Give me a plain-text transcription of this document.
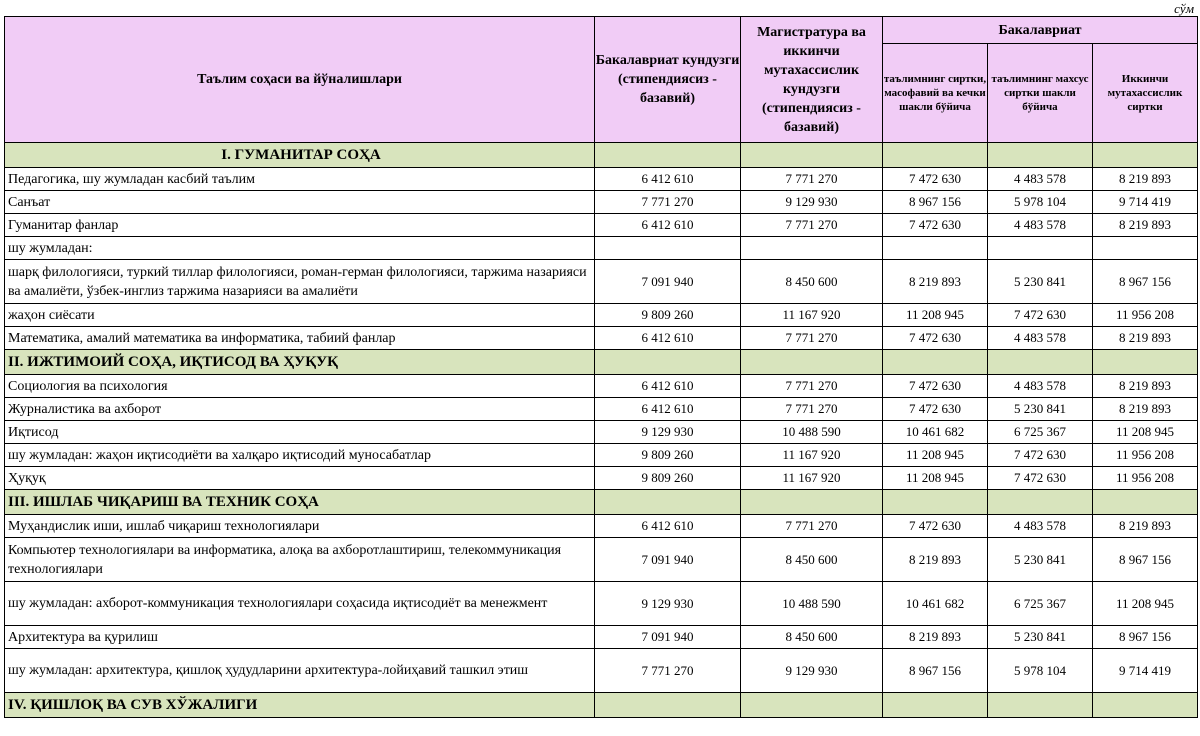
сўм
Таълим соҳаси ва йўналишлари	Бакалавриат кундузги (стипендиясиз - базавий)	Магистратура ва иккинчи мутахассислик кундузги (стипендиясиз - базавий)	Бакалавриат		
			таълимнинг сиртки, масофавий ва кечки шакли бўйича	таълимнинг махсус сиртки шакли бўйича	Иккинчи мутахассислик сиртки
I. ГУМАНИТАР СОҲА					
Педагогика, шу жумладан касбий таълим	6 412 610	7 771 270	7 472 630	4 483 578	8 219 893
Санъат	7 771 270	9 129 930	8 967 156	5 978 104	9 714 419
Гуманитар фанлар	6 412 610	7 771 270	7 472 630	4 483 578	8 219 893
шу жумладан:					
шарқ филологияси, туркий тиллар филологияси, роман-герман филологияси, таржима назарияси ва амалиёти, ўзбек-инглиз таржима назарияси ва амалиёти	7 091 940	8 450 600	8 219 893	5 230 841	8 967 156
жаҳон сиёсати	9 809 260	11 167 920	11 208 945	7 472 630	11 956 208
Математика, амалий математика ва информатика, табиий фанлар	6 412 610	7 771 270	7 472 630	4 483 578	8 219 893
II. ИЖТИМОИЙ СОҲА, ИҚТИСОД ВА ҲУҚУҚ					
Социология ва психология	6 412 610	7 771 270	7 472 630	4 483 578	8 219 893
Журналистика ва ахборот	6 412 610	7 771 270	7 472 630	5 230 841	8 219 893
Иқтисод	9 129 930	10 488 590	10 461 682	6 725 367	11 208 945
шу жумладан: жаҳон иқтисодиёти ва халқаро иқтисодий муносабатлар	9 809 260	11 167 920	11 208 945	7 472 630	11 956 208
Ҳуқуқ	9 809 260	11 167 920	11 208 945	7 472 630	11 956 208
III. ИШЛАБ ЧИҚАРИШ ВА ТЕХНИК СОҲА					
Муҳандислик иши, ишлаб чиқариш технологиялари	6 412 610	7 771 270	7 472 630	4 483 578	8 219 893
Компьютер технологиялари ва информатика, алоқа ва ахборотлаштириш, телекоммуникация технологиялари	7 091 940	8 450 600	8 219 893	5 230 841	8 967 156
шу жумладан: ахборот-коммуникация технологиялари соҳасида иқтисодиёт ва менежмент	9 129 930	10 488 590	10 461 682	6 725 367	11 208 945
Архитектура ва қурилиш	7 091 940	8 450 600	8 219 893	5 230 841	8 967 156
шу жумладан: архитектура, қишлоқ ҳудудларини архитектура-лойиҳавий ташкил этиш	7 771 270	9 129 930	8 967 156	5 978 104	9 714 419
IV. ҚИШЛОҚ ВА СУВ ХЎЖАЛИГИ					
